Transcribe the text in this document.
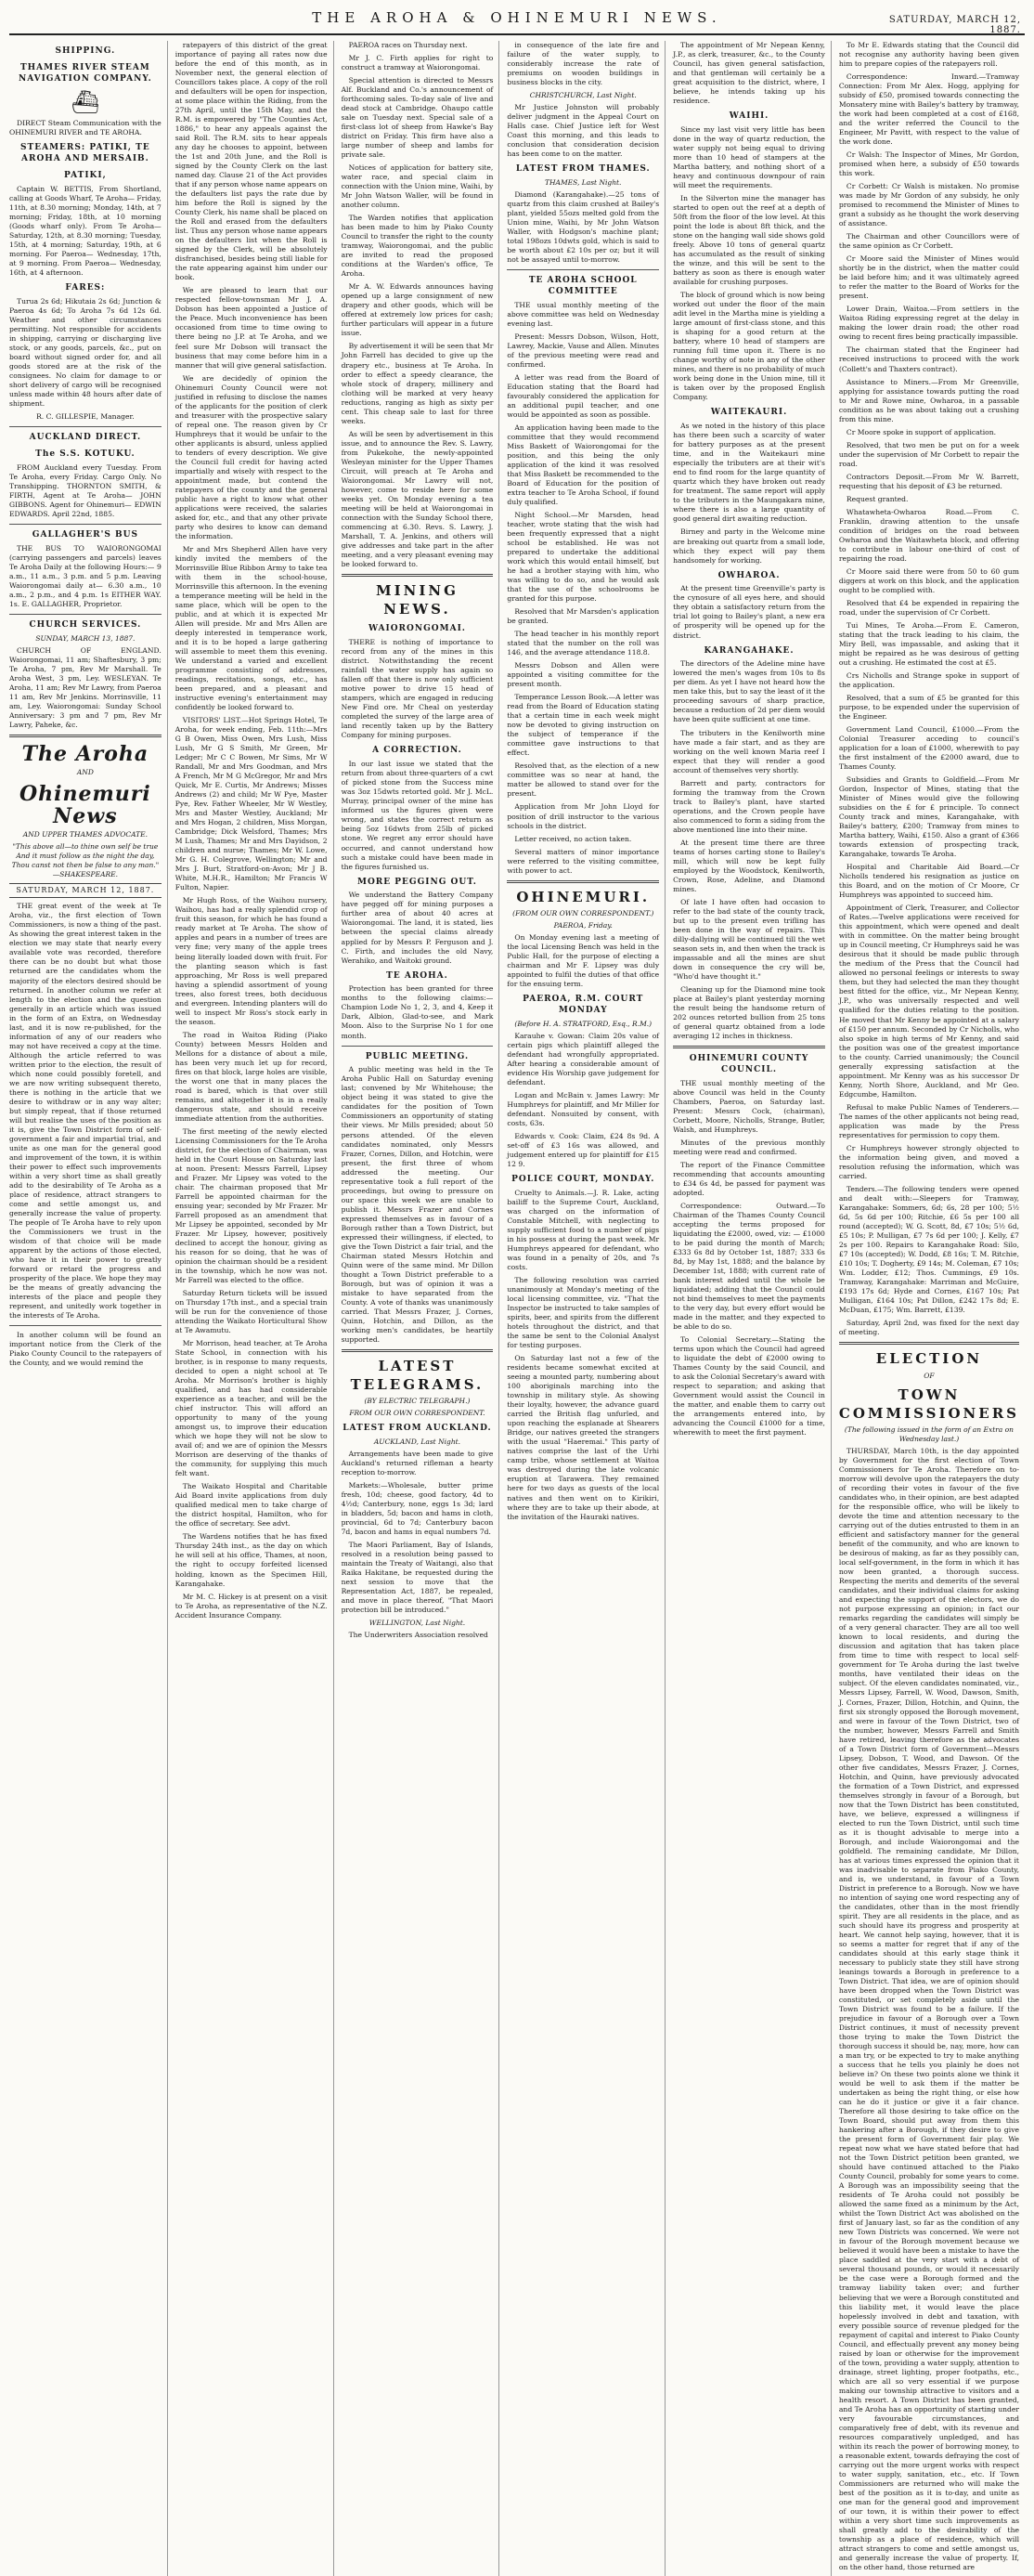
THE AROHA & OHINEMURI NEWS.	SATURDAY, MARCH 12, 1887.
SHIPPING.
THAMES RIVER STEAM NAVIGATION COMPANY.
⛴

DIRECT Steam Communication with the OHINEMURI RIVER and TE AROHA.

STEAMERS: PATIKI, TE AROHA AND MERSAIB.
PATIKI,

Captain W. BETTIS, From Shortland, calling at Goods Wharf, Te Aroha— Friday, 11th, at 8.30 morning; Monday, 14th, at 7 morning; Friday, 18th, at 10 morning (Goods wharf only). From Te Aroha— Saturday, 12th, at 8.30 morning; Tuesday, 15th, at 4 morning; Saturday, 19th, at 6 morning. For Paeroa— Wednesday, 17th, at 9 morning. From Paeroa— Wednesday, 16th, at 4 afternoon.

FARES:

Turua 2s 6d; Hikutaia 2s 6d; Junction & Paeroa 4s 6d; To Aroha 7s 6d 12s 6d. Weather and other circumstances permitting. Not responsible for accidents in shipping, carrying or discharging live stock, or any goods, parcels, &c., put on board without signed order for, and all goods stored are at the risk of the consignees. No claim for damage to or short delivery of cargo will be recognised unless made within 48 hours after date of shipment.

R. C. GILLESPIE, Manager.
AUCKLAND DIRECT.
The S.S. KOTUKU.

FROM Auckland every Tuesday. From Te Aroha, every Friday. Cargo Only. No Transhipping. THORNTON SMITH, & FIRTH, Agent at Te Aroha— JOHN GIBBONS. Agent for Ohinemuri— EDWIN EDWARDS. April 22nd, 1885.

GALLAGHER'S BUS

THE BUS TO WAIORONGOMAI (carrying passengers and parcels) leaves Te Aroha Daily at the following Hours:— 9 a.m., 11 a.m., 3 p.m. and 5 p.m. Leaving Waiorongomai daily at— 6.30 a.m., 10 a.m., 2 p.m., and 4 p.m. 1s EITHER WAY. 1s. E. GALLAGHER, Proprietor.

CHURCH SERVICES.
SUNDAY, MARCH 13, 1887.

CHURCH OF ENGLAND. Waiorongomai, 11 am; Shaftesbury, 3 pm; Te Aroha, 7 pm, Rev Mr Marshall. Te Aroha West, 3 pm, Ley. WESLEYAN. Te Aroha, 11 am; Rev Mr Lawry, from Paeroa 11 am, Rev Mr Jenkins. Morrinsville, 11 am, Ley. Waiorongomai: Sunday School Anniversary: 3 pm and 7 pm, Rev Mr Lawry, Paheke, &c.

The Aroha
AND
Ohinemuri News
AND UPPER THAMES ADVOCATE.
"This above all—to thine own self be true And it must follow as the night the day, Thou canst not then be false to any man." —SHAKESPEARE.
SATURDAY, MARCH 12, 1887.

THE great event of the week at Te Aroha, viz., the first election of Town Commissioners, is now a thing of the past. As showing the great interest taken in the election we may state that nearly every available vote was recorded, therefore there can be no doubt but what those returned are the candidates whom the majority of the electors desired should be returned. In another column we refer at length to the election and the question generally in an article which was issued in the form of an Extra, on Wednesday last, and it is now re-published, for the information of any of our readers who may not have received a copy at the time. Although the article referred to was written prior to the election, the result of which none could possibly foretell, and we are now writing subsequent thereto, there is nothing in the article that we desire to withdraw or in any way alter; but simply repeat, that if those returned will but realise the uses of the position as it is, give the Town District form of self-government a fair and impartial trial, and unite as one man for the general good and improvement of the town, it is within their power to effect such improvements within a very short time as shall greatly add to the desirability of Te Aroha as a place of residence, attract strangers to come and settle amongst us, and generally increase the value of property. The people of Te Aroha have to rely upon the Commissioners we trust in the wisdom of that choice will be made apparent by the actions of those elected, who have it in their power to greatly forward or retard the progress and prosperity of the place. We hope they may be the means of greatly advancing the interests of the place and people they represent, and unitedly work together in the interests of Te Aroha.

In another column will be found an important notice from the Clerk of the Piako County Council to the ratepayers of the County, and we would remind the

ratepayers of this district of the great importance of paying all rates now due before the end of this month, as in November next, the general election of Councillors takes place. A copy of the roll and defaulters will be open for inspection, at some place within the Riding, from the 27th April, until the 15th May, and the R.M. is empowered by "The Counties Act, 1886," to hear any appeals against the said Roll. The R.M. sits to hear appeals any day he chooses to appoint, between the 1st and 20th June, and the Roll is signed by the County Clerk on the last named day. Clause 21 of the Act provides that if any person whose name appears on the defaulters list pays the rate due by him before the Roll is signed by the County Clerk, his name shall be placed on the Roll and erased from the defaulters list. Thus any person whose name appears on the defaulters list when the Roll is signed by the Clerk, will be absolutely disfranchised, besides being still liable for the rate appearing against him under our book.

We are pleased to learn that our respected fellow-townsman Mr J. A. Dobson has been appointed a Justice of the Peace. Much inconvenience has been occasioned from time to time owing to there being no J.P. at Te Aroha, and we feel sure Mr Dobson will transact the business that may come before him in a manner that will give general satisfaction.

We are decidedly of opinion the Ohinemuri County Council were not justified in refusing to disclose the names of the applicants for the position of clerk and treasurer with the prospective salary of repeal one. The reason given by Cr Humphreys that it would be unfair to the other applicants is absurd, unless applied to tenders of every description. We give the Council full credit for having acted impartially and wisely with respect to the appointment made, but contend the ratepayers of the county and the general public have a right to know what other applications were received, the salaries asked for, etc., and that any other private party who desires to know can demand the information.

Mr and Mrs Shepherd Allen have very kindly invited the members of the Morrinsville Blue Ribbon Army to take tea with them in the school-house, Morrinsville this afternoon. In the evening a temperance meeting will be held in the same place, which will be open to the public, and at which it is expected Mr Allen will preside. Mr and Mrs Allen are deeply interested in temperance work, and it is to be hoped a large gathering will assemble to meet them this evening. We understand a varied and excellent programme consisting of addresses, readings, recitations, songs, etc., has been prepared, and a pleasant and instructive evening's entertainment may confidently be looked forward to.

VISITORS' LIST.—Hot Springs Hotel, Te Aroha, for week ending, Feb. 11th:—Mrs G B Owen, Miss Owen, Mrs Lush, Miss Lush, Mr G S Smith, Mr Green, Mr Ledger; Mr C C Bowen, Mr Sims, Mr W Randall, Mr and Mrs Goodman, and Mrs A French, Mr M G McGregor, Mr and Mrs Quick, Mr E. Curtis, Mr Andrews; Misses Andrews (2) and child; Mr W Pye, Master Pye, Rev. Father Wheeler, Mr W Westley, Mrs and Master Westley, Auckland; Mr and Mrs Hogan, 2 children, Miss Morgan, Cambridge; Dick Welsford, Thames; Mrs M Lush, Thames; Mr and Mrs Dayidson, 2 children and nurse; Thames; Mr W. Lowe, Mr G. H. Colegrove, Wellington; Mr and Mrs J. Burt, Stratford-on-Avon; Mr J B. White, M.H.R., Hamilton; Mr Francis W Fulton, Napier.

Mr Hugh Ross, of the Waihou nursery, Waihou, has had a really splendid crop of fruit this season, for which he has found a ready market at Te Aroha. The show of apples and pears in a number of trees are very fine; very many of the apple trees being literally loaded down with fruit. For the planting season which is fast approaching, Mr Ross is well prepared having a splendid assortment of young trees, also forest trees, both deciduous and evergreen. Intending planters will do well to inspect Mr Ross's stock early in the season.

The road in Waitoa Riding (Piako County) between Messrs Holden and Mellons for a distance of about a mile, has been very much let up for record, fires on that block, large holes are visible, the worst one that in many places the road is bared, which is that over still remains, and altogether it is in a really dangerous state, and should receive immediate attention from the authorities.

The first meeting of the newly elected Licensing Commissioners for the Te Aroha district, for the election of Chairman, was held in the Court House on Saturday last at noon. Present: Messrs Farrell, Lipsey and Frazer. Mr Lipsey was voted to the chair. The chairman proposed that Mr Farrell be appointed chairman for the ensuing year; seconded by Mr Frazer. Mr Farrell proposed as an amendment that Mr Lipsey be appointed, seconded by Mr Frazer. Mr Lipsey, however, positively declined to accept the honour, giving as his reason for so doing, that he was of opinion the chairman should be a resident in the township, which he now was not. Mr Farrell was elected to the office.

Saturday Return tickets will be issued on Thursday 17th inst., and a special train will be run for the convenience of those attending the Waikato Horticultural Show at Te Awamutu.

Mr Morrison, head teacher, at Te Aroha State School, in connection with his brother, is in response to many requests, decided to open a night school at Te Aroha. Mr Morrison's brother is highly qualified, and has had considerable experience as a teacher, and will be the chief instructor. This will afford an opportunity to many of the young amongst us, to improve their education which we hope they will not be slow to avail of; and we are of opinion the Messrs Morrison are deserving of the thanks of the community, for supplying this much felt want.

The Waikato Hospital and Charitable Aid Board invite applications from duly qualified medical men to take charge of the district hospital, Hamilton, who for the office of secretary. See advt.

The Wardens notifies that he has fixed Thursday 24th inst., as the day on which he will sell at his office, Thames, at noon, the right to occupy forfeited licensed holding, known as the Specimen Hill, Karangahake.

Mr M. C. Hickey is at present on a visit to Te Aroha, as representative of the N.Z. Accident Insurance Company.

PAEROA races on Thursday next.

Mr J. C. Firth applies for right to construct a tramway at Waiorongomai.

Special attention is directed to Messrs Alf. Buckland and Co.'s announcement of forthcoming sales. To-day sale of live and dead stock at Cambridge. Ohaupo cattle sale on Tuesday next. Special sale of a first-class lot of sheep from Hawke's Bay district on Friday. This firm have also a large number of sheep and lambs for private sale.

Notices of application for battery site, water race, and special claim in connection with the Union mine, Waihi, by Mr John Watson Waller, will be found in another column.

The Warden notifies that application has been made to him by Piako County Council to transfer the right to the county tramway, Waiorongomai, and the public are invited to read the proposed conditions at the Warden's office, Te Aroha.

Mr A. W. Edwards announces having opened up a large consignment of new drapery and other goods, which will be offered at extremely low prices for cash; further particulars will appear in a future issue.

By advertisement it will be seen that Mr John Farrell has decided to give up the drapery etc., business at Te Aroha. In order to effect a speedy clearance, the whole stock of drapery, millinery and clothing will be marked at very heavy reductions, ranging as high as sixty per cent. This cheap sale to last for three weeks.

As will be seen by advertisement in this issue, and to announce the Rev. S. Lawry, from Pukekohe, the newly-appointed Wesleyan minister for the Upper Thames Circuit, will preach at Te Aroha and Waiorongomai. Mr Lawry will not, however, come to reside here for some weeks yet. On Monday evening a tea meeting will be held at Waiorongomai in connection with the Sunday School there, commencing at 6.30. Revs. S. Lawry, J. Marshall, T. A. Jenkins, and others will give addresses and take part in the after meeting, and a very pleasant evening may be looked forward to.

MINING NEWS.
WAIORONGOMAI.

THERE is nothing of importance to record from any of the mines in this district. Notwithstanding the recent rainfall the water supply has again so fallen off that there is now only sufficient motive power to drive 15 head of stampers, which are engaged in reducing New Find ore. Mr Cheal on yesterday completed the survey of the large area of land recently taken up by the Battery Company for mining purposes.

A CORRECTION.

In our last issue we stated that the return from about three-quarters of a cwt of picked stone from the Success mine was 3oz 15dwts retorted gold. Mr J. McL. Murray, principal owner of the mine has informed us the figures given were wrong, and states the correct return as being 5oz 16dwts from 25lb of picked stone. We regret any error should have occurred, and cannot understand how such a mistake could have been made in the figures furnished us.

MORE PEGGING OUT.

We understand the Battery Company have pegged off for mining purposes a further area of about 40 acres at Waiorongomai. The land, it is stated, lies between the special claims already applied for by Messrs P. Ferguson and J. C. Firth, and includes the old Navy, Werahiko, and Waitoki ground.

TE AROHA.

Protection has been granted for three months to the following claims:—Champion Lode No 1, 2, 3, and 4, Keep it Dark, Albion, Glad-to-see, and Mark Moon. Also to the Surprise No 1 for one month.

PUBLIC MEETING.

A public meeting was held in the Te Aroha Public Hall on Saturday evening last; convened by Mr Whitehouse; the object being it was stated to give the candidates for the position of Town Commissioners an opportunity of stating their views. Mr Mills presided; about 50 persons attended. Of the eleven candidates nominated, only Messrs Frazer, Cornes, Dillon, and Hotchin, were present, the first three of whom addressed the meeting. Our representative took a full report of the proceedings, but owing to pressure on our space this week we are unable to publish it. Messrs Frazer and Cornes expressed themselves as in favour of a Borough rather than a Town District, but expressed their willingness, if elected, to give the Town District a fair trial, and the Chairman stated Messrs Hotchin and Quinn were of the same mind. Mr Dillon thought a Town District preferable to a Borough, but was of opinion it was a mistake to have separated from the County. A vote of thanks was unanimously carried. That Messrs Frazer, J. Cornes, Quinn, Hotchin, and Dillon, as the working men's candidates, be heartily supported.

LATEST TELEGRAMS.
(BY ELECTRIC TELEGRAPH.)
FROM OUR OWN CORRESPONDENT.
LATEST FROM AUCKLAND.
AUCKLAND, Last Night.

Arrangements have been made to give Auckland's returned rifleman a hearty reception to-morrow.

Markets:—Wholesale, butter prime fresh, 10d; cheese, good factory, 4d to 4½d; Canterbury, none, eggs 1s 3d; lard in bladders, 5d; bacon and hams in cloth, provincial, 6d to 7d; Canterbury bacon 7d, bacon and hams in equal numbers 7d.

The Maori Parliament, Bay of Islands, resolved in a resolution being passed to maintain the Treaty of Waitangi, also that Raika Hakitane, be requested during the next session to move that the Representation Act, 1887, be repealed, and move in place thereof, "That Maori protection bill be introduced."

WELLINGTON, Last Night.

The Underwriters Association resolved

in consequence of the late fire and failure of the water supply, to considerably increase the rate of premiums on wooden buildings in business blocks in the city.

CHRISTCHURCH, Last Night.

Mr Justice Johnston will probably deliver judgment in the Appeal Court on Halls case. Chief Justice left for West Coast this morning, and this leads to conclusion that consideration decision has been come to on the matter.

LATEST FROM THAMES.
THAMES, Last Night.

Diamond (Karangahake).—25 tons of quartz from this claim crushed at Bailey's plant, yielded 55ozs melted gold from the Union mine, Waihi, by Mr John Watson Waller, with Hodgson's machine plant; total 198ozs 10dwts gold, which is said to be worth about £2 10s per oz; but it will not be assayed until to-morrow.

TE AROHA SCHOOL COMMITTEE

THE usual monthly meeting of the above committee was held on Wednesday evening last.

Present: Messrs Dobson, Wilson, Hott, Lawrey, Mackie, Vause and Allen. Minutes of the previous meeting were read and confirmed.

A letter was read from the Board of Education stating that the Board had favourably considered the application for an additional pupil teacher, and one would be appointed as soon as possible.

An application having been made to the committee that they would recommend Miss Baskett of Waiorongomai for the position, and this being the only application of the kind it was resolved that Miss Baskett be recommended to the Board of Education for the position of extra teacher to Te Aroha School, if found duly qualified.

Night School.—Mr Marsden, head teacher, wrote stating that the wish had been frequently expressed that a night school be established. He was not prepared to undertake the additional work which this would entail himself, but he had a brother staying with him, who was willing to do so, and he would ask that the use of the schoolrooms be granted for this purpose.

Resolved that Mr Marsden's application be granted.

The head teacher in his monthly report stated that the number on the roll was 146, and the average attendance 118.8.

Messrs Dobson and Allen were appointed a visiting committee for the present month.

Temperance Lesson Book.—A letter was read from the Board of Education stating that a certain time in each week might now be devoted to giving instruction on the subject of temperance if the committee gave instructions to that effect.

Resolved that, as the election of a new committee was so near at hand, the matter be allowed to stand over for the present.

Application from Mr John Lloyd for position of drill instructor to the various schools in the district.

Letter received, no action taken.

Several matters of minor importance were referred to the visiting committee, with power to act.

OHINEMURI.
(FROM OUR OWN CORRESPONDENT.)
PAEROA, Friday.

On Monday evening last a meeting of the local Licensing Bench was held in the Public Hall, for the purpose of electing a chairman and Mr F. Lipsey was duly appointed to fulfil the duties of that office for the ensuing term.

PAEROA, R.M. COURT MONDAY
(Before H. A. STRATFORD, Esq., R.M.)

Karauhe v. Gowan: Claim 20s value of certain pigs which plaintiff alleged the defendant had wrongfully appropriated. After hearing a considerable amount of evidence His Worship gave judgement for defendant.

Logan and McBain v. James Lawry: Mr Humphreys for plaintiff, and Mr Miller for defendant. Nonsuited by consent, with costs, 63s.

Edwards v. Cook: Claim, £24 8s 9d. A set-off of £3 16s was allowed, and judgement entered up for plaintiff for £15 12 9.

POLICE COURT, MONDAY.

Cruelty to Animals.—J. R. Lake, acting bailiff to the Supreme Court, Auckland, was charged on the information of Constable Mitchell, with neglecting to supply sufficient food to a number of pigs in his possess at during the past week. Mr Humphreys appeared for defendant, who was found in a penalty of 20s, and 7s costs.

The following resolution was carried unanimously at Monday's meeting of the local licensing committee, viz. "That the Inspector be instructed to take samples of spirits, beer, and spirits from the different hotels throughout the district, and that the same be sent to the Colonial Analyst for testing purposes.

On Saturday last not a few of the residents became somewhat excited at seeing a mounted party, numbering about 100 aboriginals marching into the township in military style. As showing their loyalty, however, the advance guard carried the British flag unfurled, and upon reaching the esplanade at Shearers Bridge, our natives greeted the strangers with the usual "Haeremai." This party of natives comprise the last of the Urhi camp tribe, whose settlement at Waitoa was destroyed during the late volcanic eruption at Tarawera. They remained here for two days as guests of the local natives and then went on to Kirikiri, where they are to take up their abode, at the invitation of the Hauraki natives.

The appointment of Mr Nepean Kenny, J.P., as clerk, treasurer, &c., to the County Council, has given general satisfaction, and that gentleman will certainly be a great acquisition to the district, where, I believe, he intends taking up his residence.

WAIHI.

Since my last visit very little has been done in the way of quartz reduction, the water supply not being equal to driving more than 10 head of stampers at the Martha battery, and nothing short of a heavy and continuous downpour of rain will meet the requirements.

In the Silverton mine the manager has started to open out the reef at a depth of 50ft from the floor of the low level. At this point the lode is about 8ft thick, and the stone on the hanging wall side shows gold freely. Above 10 tons of general quartz has accumulated as the result of sinking the winze, and this will be sent to the battery as soon as there is enough water available for crushing purposes.

The block of ground which is now being worked out under the floor of the main adit level in the Martha mine is yielding a large amount of first-class stone, and this is shaping for a good return at the battery, where 10 head of stampers are running full time upon it. There is no change worthy of note in any of the other mines, and there is no probability of much work being done in the Union mine, till it is taken over by the proposed English Company.

WAITEKAURI.

As we noted in the history of this place has there been such a scarcity of water for battery purposes as at the present time, and in the Waitekauri mine especially the tributers are at their wit's end to find room for the large quantity of quartz which they have broken out ready for treatment. The same report will apply to the tributers in the Maungakara mine, where there is also a large quantity of good general dirt awaiting reduction.

Birney and party in the Welcome mine are breaking out quartz from a small lode, which they expect will pay them handsomely for working.

OWHAROA.

At the present time Greenville's party is the cynosure of all eyes here, and should they obtain a satisfactory return from the trial lot going to Bailey's plant, a new era of prosperity will be opened up for the district.

KARANGAHAKE.

The directors of the Adeline mine have lowered the men's wages from 10s to 8s per diem. As yet I have not heard how the men take this, but to say the least of it the proceeding savours of sharp practice, because a reduction of 2d per diem would have been quite sufficient at one time.

The tributers in the Kenilworth mine have made a fair start, and as they are working on the well known Maria reef I expect that they will render a good account of themselves very shortly.

Barrett and party, contractors for forming the tramway from the Crown track to Bailey's plant, have started operations, and the Crown people have also commenced to form a siding from the above mentioned line into their mine.

At the present time there are three teams of horses carting stone to Bailey's mill, which will now be kept fully employed by the Woodstock, Kenilworth, Crown, Rose, Adeline, and Diamond mines.

Of late I have often had occasion to refer to the bad state of the county track, but up to the present even trifling has been done in the way of repairs. This dilly-dallying will be continued till the wet season sets in, and then when the track is impassable and all the mines are shut down in consequence the cry will be, "Who'd have thought it."

Cleaning up for the Diamond mine took place at Bailey's plant yesterday morning the result being the handsome return of 202 ounces retorted bullion from 25 tons of general quartz obtained from a lode averaging 12 inches in thickness.

OHINEMURI COUNTY COUNCIL.

THE usual monthly meeting of the above Council was held in the County Chambers, Paeroa, on Saturday last. Present: Messrs Cock, (chairman), Corbett, Moore, Nicholls, Strange, Butler, Walsh, and Humphreys.

Minutes of the previous monthly meeting were read and confirmed.

The report of the Finance Committee recommending that accounts amounting to £34 6s 4d, be passed for payment was adopted.

Correspondence: Outward.—To Chairman of the Thames County Council accepting the terms proposed for liquidating the £2000, owed, viz: — £1000 to be paid during the month of March; £333 6s 8d by October 1st, 1887; 333 6s 8d, by May 1st, 1888; and the balance by December 1st, 1888; with current rate of bank interest added until the whole be liquidated; adding that the Council could not bind themselves to meet the payments to the very day, but every effort would be made in the matter, and they expected to be able to do so.

To Colonial Secretary.—Stating the terms upon which the Council had agreed to liquidate the debt of £2000 owing to Thames County by the said Council, and to ask the Colonial Secretary's award with respect to separation; and asking that Government would assist the Council in the matter, and enable them to carry out the arrangements entered into, by advancing the Council £1000 for a time, wherewith to meet the first payment.

To Mr E. Edwards stating that the Council did not recognise any authority having been given him to prepare copies of the ratepayers roll.

Correspondence: Inward.—Tramway Connection: From Mr Alex. Hogg, applying for subsidy of £50, promised towards connecting the Monsatery mine with Bailey's battery by tramway, the work had been completed at a cost of £168, and the writer referred the Council to the Engineer, Mr Pavitt, with respect to the value of the work done.

Cr Walsh: The Inspector of Mines, Mr Gordon, promised when here, a subsidy of £50 towards this work.

Cr Corbett: Cr Walsh is mistaken. No promise was made by Mr Gordon of any subsidy, he only promised to recommend the Minister of Mines to grant a subsidy as he thought the work deserving of assistance.

The Chairman and other Councillors were of the same opinion as Cr Corbett.

Cr Moore said the Minister of Mines would shortly be in the district, when the matter could be laid before him; and it was ultimately agreed to refer the matter to the Board of Works for the present.

Lower Drain, Waitoa.—From settlers in the Waitoa Riding expressing regret at the delay in making the lower drain road; the other road owing to recent fires being practically impassible.

The chairman stated that the Engineer had received instructions to proceed with the work (Collett's and Thaxters contract).

Assistance to Miners.—From Mr Greenville, applying for assistance towards putting the road to Mr and Rowe mine, Owharoa, in a passable condition as he was about taking out a crushing from this mine.

Cr Moore spoke in support of application.

Resolved, that two men be put on for a week under the supervision of Mr Corbett to repair the road.

Contractors Deposit.—From Mr W. Barrett, requesting that his deposit of £3 be returned.

Request granted.

Whatawheta-Owharoa Road.—From C. Franklin, drawing attention to the unsafe condition of bridges on the road between Owharoa and the Waitawheta block, and offering to contribute in labour one-third of cost of repairing the road.

Cr Moore said there were from 50 to 60 gum diggers at work on this block, and the application ought to be complied with.

Resolved that £4 be expended in repairing the road, under the supervision of Cr Corbett.

Tui Mines, Te Aroha.—From E. Cameron, stating that the track leading to his claim, the Miry Bell, was impassable, and asking that it might be repaired as he was desirous of getting out a crushing. He estimated the cost at £5.

Crs Nicholls and Strange spoke in support of the application.

Resolved, that a sum of £5 be granted for this purpose, to be expended under the supervision of the Engineer.

Government Land Council, £1000.—From the Colonial Treasurer acceding to council's application for a loan of £1000, wherewith to pay the first instalment of the £2000 award, due to Thames County.

Subsidies and Grants to Goldfield.—From Mr Gordon, Inspector of Mines, stating that the Minister of Mines would give the following subsidies on the £ for £ principle. To connect County track and mines, Karangahake, with Bailey's battery, £200; Tramway from mines to Martha battery, Waihi, £150. Also a grant of £366 towards extension of prospecting track, Karangahake, towards Te Aroha.

Hospital and Charitable Aid Board.—Cr Nicholls tendered his resignation as justice on this Board, and on the motion of Cr Moore, Cr Humphreys was appointed to succeed him.

Appointment of Clerk, Treasurer, and Collector of Rates.—Twelve applications were received for this appointment, which were opened and dealt with in committee. On the matter being brought up in Council meeting, Cr Humphreys said he was desirous that it should be made public through the medium of the Press that the Council had allowed no personal feelings or interests to sway them, but they had selected the man they thought best fitted for the office, viz., Mr Nepean Kenny, J.P., who was universally respected and well qualified for the duties relating to the position. He moved that Mr Kenny be appointed at a salary of £150 per annum. Seconded by Cr Nicholls, who also spoke in high terms of Mr Kenny, and said the position was one of the greatest importance to the county. Carried unanimously; the Council generally expressing satisfaction at the appointment. Mr Kenny was as his successor Dr Kenny, North Shore, Auckland, and Mr Geo. Edgcumbe, Hamilton.

Refusal to make Public Names of Tenderers.—The names of the other applicants not being read, application was made by the Press representatives for permission to copy them.

Cr Humphreys however strongly objected to the information being given, and moved a resolution refusing the information, which was carried.

Tenders.—The following tenders were opened and dealt with:—Sleepers for Tramway, Karangahake: Sommers, 6d; 6s, 28 per 100; 5½ 6d, 5s 6d per 100; Ritchie, £6 5s per 100 all round (accepted); W. G. Scott, 8d, £7 10s; 5½ 6d, £5 10s; P. Mulligan, £7 7s 6d per 100; J. Kelly, £7 2s per 100. Repairs to Karangahake Road: Silo, £7 10s (accepted); W. Dodd, £8 16s; T. M. Ritchie, £10 10s; T. Dogherty, £9 14s; M. Coleman, £7 10s; Wm. Lodder, £12; Thos. Cummings, £9 10s. Tramway, Karangahake: Marriman and McGuire, £193 17s 6d; Hyde and Cornes, £167 10s; Pat Mulligan, £164 10s; Pat Dillon, £242 17s 8d; E. McDuan, £175; Wm. Barrett, £139.

Saturday, April 2nd, was fixed for the next day of meeting.

ELECTION
OF
TOWN COMMISSIONERS
(The following issued in the form of an Extra on Wednesday last.)

THURSDAY, March 10th, is the day appointed by Government for the first election of Town Commissioners for Te Aroha. Therefore on to-morrow will devolve upon the ratepayers the duty of recording their votes in favour of the five candidates who, in their opinion, are best adapted for the responsible office, who will be likely to devote the time and attention necessary to the carrying out of the duties entrusted to them in an efficient and satisfactory manner for the general benefit of the community, and who are known to be desirous of making, as far as they possibly can, local self-government, in the form in which it has now been granted, a thorough success. Respecting the merits and demerits of the several candidates, and their individual claims for asking and expecting the support of the electors, we do not purpose expressing an opinion; in fact our remarks regarding the candidates will simply be of a very general character. They are all too well known to local residents, and during the discussion and agitation that has taken place from time to time with respect to local self-government for Te Aroha during the last twelve months, have ventilated their ideas on the subject. Of the eleven candidates nominated, viz., Messrs Lipsey, Farrell, W. Wood, Dawson, Smith, J. Cornes, Frazer, Dillon, Hotchin, and Quinn, the first six strongly opposed the Borough movement, and were in favour of the Town District, two of the number, however, Messrs Farrell and Smith have retired, leaving therefore as the advocates of a Town District form of Government—Messrs Lipsey, Dobson, T. Wood, and Dawson. Of the other five candidates, Messrs Frazer, J. Cornes, Hotchin, and Quinn, have previously advocated the formation of a Town District, and expressed themselves strongly in favour of a Borough, but now that the Town District has been constituted, have, we believe, expressed a willingness if elected to run the Town District, until such time as it is thought advisable to merge into a Borough, and include Waiorongomai and the goldfield. The remaining candidate, Mr Dillon, has at various times expressed the opinion that it was inadvisable to separate from Piako County, and is, we understand, in favour of a Town District in preference to a Borough. Now we have no intention of saying one word respecting any of the candidates, other than in the most friendly spirit. They are all residents in the place, and as such should have its progress and prosperity at heart. We cannot help saying, however, that it is so seems a matter for regret that if any of the candidates should at this early stage think it necessary to publicly state they still have strong leanings towards a Borough in preference to a Town District. That idea, we are of opinion should have been dropped when the Town District was constituted, or set completely aside until the Town District was found to be a failure. If the prejudice in favour of a Borough over a Town District continues, it must of necessity prevent those trying to make the Town District the thorough success it should be, nay, more, how can a man try, or be expected to try to make anything a success that he tells you plainly he does not believe in? On these two points alone we think it would be well to ask them if the matter be undertaken as being the right thing, or else how can he do it justice or give it a fair chance. Therefore all those desiring to take office on the Town Board, should put away from them this hankering after a Borough, if they desire to give the present form of Government fair play. We repeat now what we have stated before that had not the Town District petition been granted, we should have continued attached to the Piako County Council, probably for some years to come. A Borough was an impossibility seeing that the residents of Te Aroha could not possibly be allowed the same fixed as a minimum by the Act, whilst the Town District Act was abolished on the first of January last, so far as the condition of any new Town Districts was concerned. We were not in favour of the Borough movement because we believed it would have been a mistake to have the place saddled at the very start with a debt of several thousand pounds, or would it necessarily be the case were a Borough formed and the tramway liability taken over; and further believing that we were a Borough constituted and this liability met, it would leave the place hopelessly involved in debt and taxation, with every possible source of revenue pledged for the repayment of capital and interest to Piako County Council, and effectually prevent any money being raised by loan or otherwise for the improvement of the town, providing a water supply, attention to drainage, street lighting, proper footpaths, etc., which are all so very essential if we purpose making our township attractive to visitors and a health resort. A Town District has been granted, and Te Aroha has an opportunity of starting under very favourable circumstances, and comparatively free of debt, with its revenue and resources comparatively unpledged, and has within its reach the power of borrowing money, to a reasonable extent, towards defraying the cost of carrying out the more urgent works with respect to water supply, sanitation, etc., etc. If Town Commissioners are returned who will make the best of the position as it is to-day, and unite as one man for the general good and improvement of our town, it is within their power to effect within a very short time such improvements as shall greatly add to the desirability of the township as a place of residence, which will attract strangers to come and settle amongst us, and generally increase the value of property. If, on the other hand, those returned are
